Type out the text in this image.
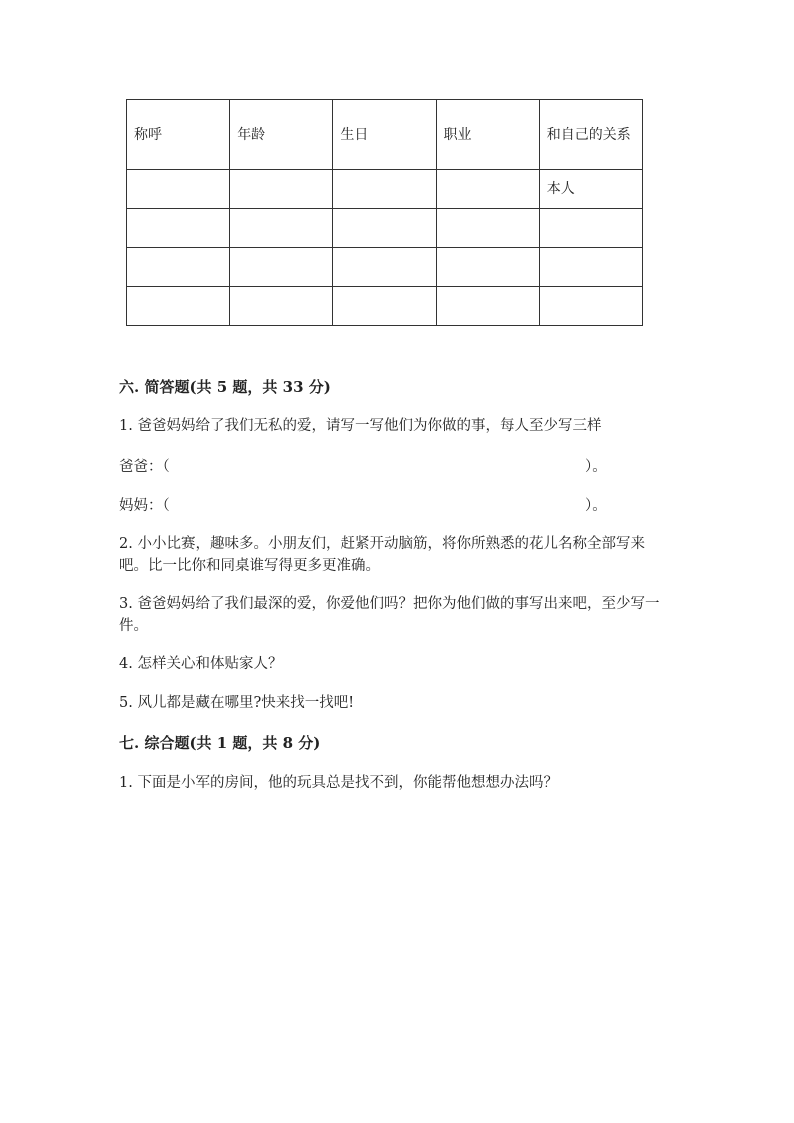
称呼	年龄	生日	职业	和自己的关系
				本人

六. 简答题(共 5 题，共 33 分)
1. 爸爸妈妈给了我们无私的爱，请写一写他们为你做的事，每人至少写三样
爸爸：（	）。
妈妈：（	）。
2. 小小比赛，趣味多。小朋友们，赶紧开动脑筋，将你所熟悉的花儿名称全部写来吧。比一比你和同桌谁写得更多更准确。
3. 爸爸妈妈给了我们最深的爱，你爱他们吗？把你为他们做的事写出来吧，至少写一件。
4. 怎样关心和体贴家人？
5. 风儿都是藏在哪里?快来找一找吧!
七. 综合题(共 1 题，共 8 分)
1. 下面是小军的房间，他的玩具总是找不到，你能帮他想想办法吗？
